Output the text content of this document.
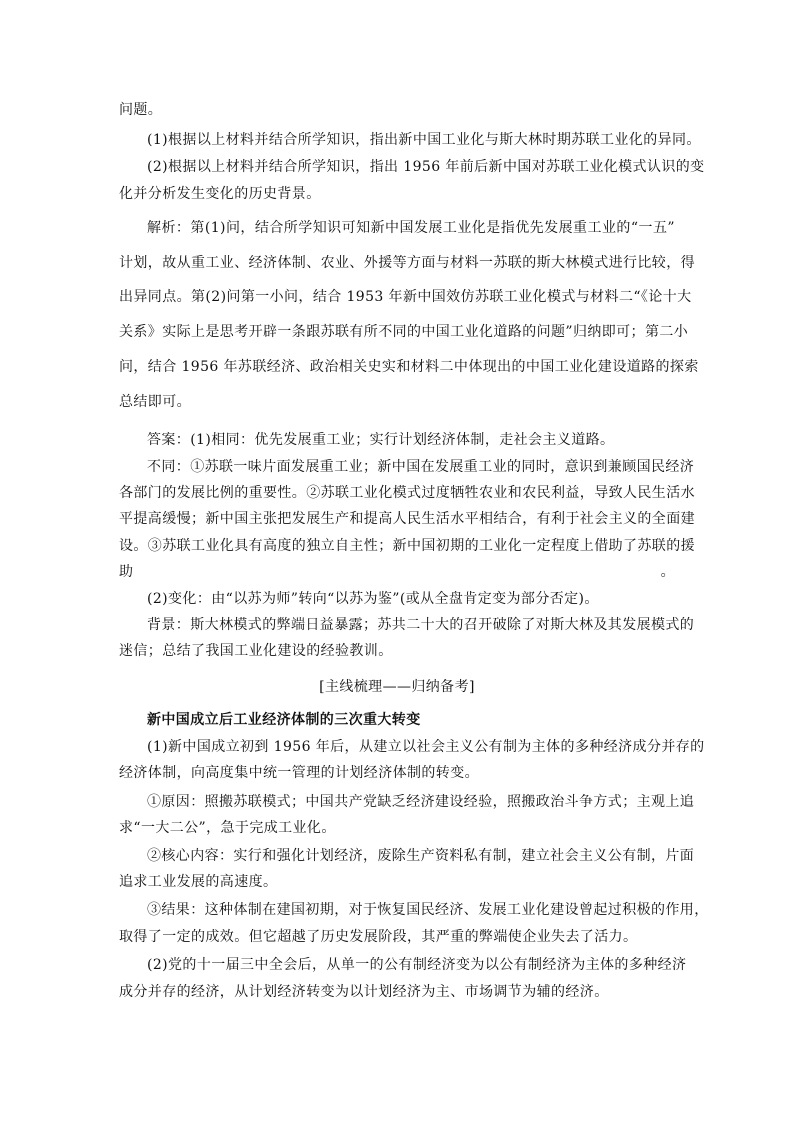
问题。
(1)根据以上材料并结合所学知识，指出新中国工业化与斯大林时期苏联工业化的异同。
(2)根据以上材料并结合所学知识，指出 1956 年前后新中国对苏联工业化模式认识的变
化并分析发生变化的历史背景。
解析：第(1)问，结合所学知识可知新中国发展工业化是指优先发展重工业的“一五”
计划，故从重工业、经济体制、农业、外援等方面与材料一苏联的斯大林模式进行比较，得
出异同点。第(2)问第一小问，结合 1953 年新中国效仿苏联工业化模式与材料二“《论十大
关系》实际上是思考开辟一条跟苏联有所不同的中国工业化道路的问题”归纳即可；第二小
问，结合 1956 年苏联经济、政治相关史实和材料二中体现出的中国工业化建设道路的探索
总结即可。
答案：(1)相同：优先发展重工业；实行计划经济体制，走社会主义道路。
不同：①苏联一味片面发展重工业；新中国在发展重工业的同时，意识到兼顾国民经济
各部门的发展比例的重要性。②苏联工业化模式过度牺牲农业和农民利益，导致人民生活水
平提高缓慢；新中国主张把发展生产和提高人民生活水平相结合，有利于社会主义的全面建
设。③苏联工业化具有高度的独立自主性；新中国初期的工业化一定程度上借助了苏联的援
助。
(2)变化：由“以苏为师”转向“以苏为鉴”(或从全盘肯定变为部分否定)。
背景：斯大林模式的弊端日益暴露；苏共二十大的召开破除了对斯大林及其发展模式的
迷信；总结了我国工业化建设的经验教训。
[主线梳理——归纳备考]
新中国成立后工业经济体制的三次重大转变
(1)新中国成立初到 1956 年后，从建立以社会主义公有制为主体的多种经济成分并存的
经济体制，向高度集中统一管理的计划经济体制的转变。
①原因：照搬苏联模式；中国共产党缺乏经济建设经验，照搬政治斗争方式；主观上追
求“一大二公”，急于完成工业化。
②核心内容：实行和强化计划经济，废除生产资料私有制，建立社会主义公有制，片面
追求工业发展的高速度。
③结果：这种体制在建国初期，对于恢复国民经济、发展工业化建设曾起过积极的作用，
取得了一定的成效。但它超越了历史发展阶段，其严重的弊端使企业失去了活力。
(2)党的十一届三中全会后，从单一的公有制经济变为以公有制经济为主体的多种经济
成分并存的经济，从计划经济转变为以计划经济为主、市场调节为辅的经济。
